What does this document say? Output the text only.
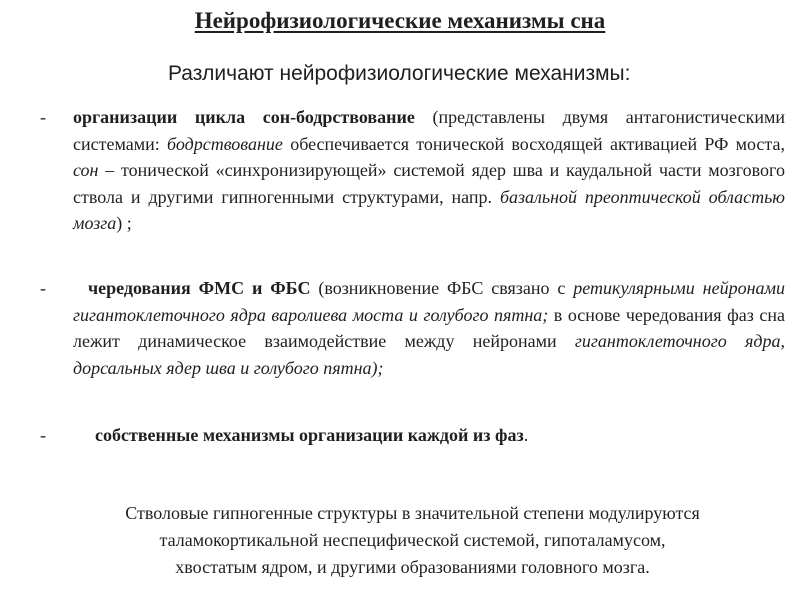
Нейрофизиологические механизмы сна
Различают нейрофизиологические механизмы:
- организации цикла сон-бодрствование (представлены двумя антагонистическими системами: бодрствование обеспечивается тонической восходящей активацией РФ моста, сон – тонической «синхронизирующей» системой ядер шва и каудальной части мозгового ствола и другими гипногенными структурами, напр. базальной преоптической областью мозга) ;
-	чередования ФМС и ФБС (возникновение ФБС связано с ретикулярными нейронами гигантоклеточного ядра варолиева моста и голубого пятна; в основе чередования фаз сна лежит динамическое взаимодействие между нейронами гигантоклеточного ядра, дорсальных ядер шва и голубого пятна);
-	собственные механизмы организации каждой из фаз.
Стволовые гипногенные структуры в значительной степени модулируются
таламокортикальной неспецифической системой, гипоталамусом,
хвостатым ядром, и другими образованиями головного мозга.
